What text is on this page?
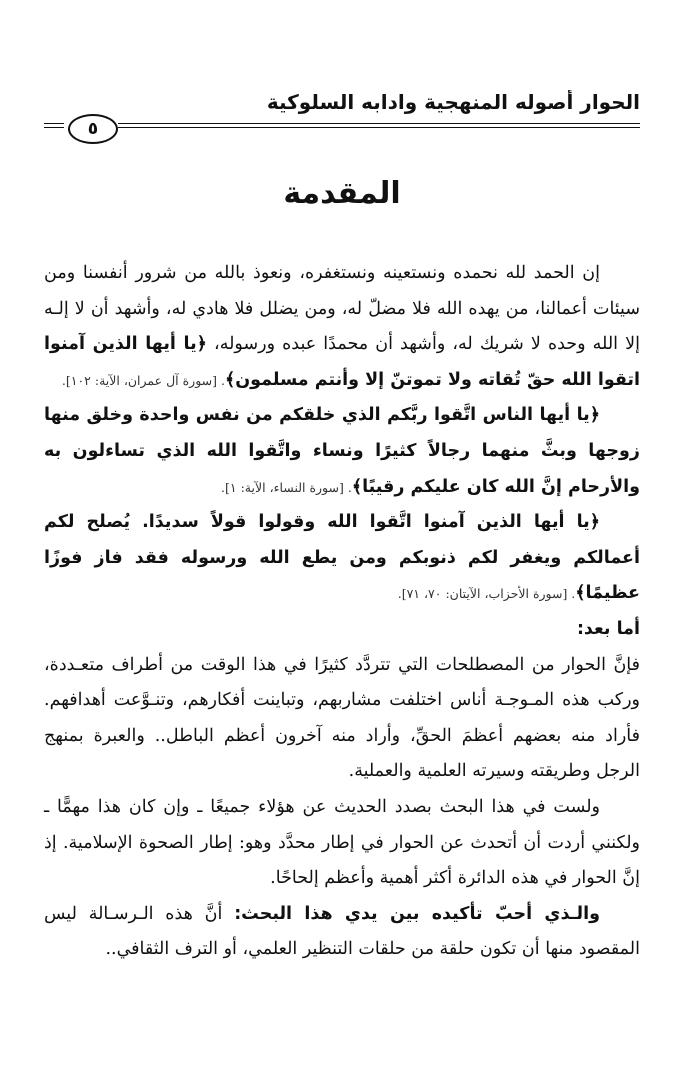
الحوار أصوله المنهجية وادابه السلوكية
٥
المقدمة

إن الحمد لله نحمده ونستعينه ونستغفره، ونعوذ بالله من شرور أنفسنا ومن سيئات أعمالنا، من يهده الله فلا مضلّ له، ومن يضلل فلا هادي له، وأشهد أن لا إلـه إلا الله وحده لا شريك له، وأشهد أن محمدًا عبده ورسوله، ﴿يا أيها الذين آمنوا اتقوا الله حقّ تُقاته ولا تموتنّ إلا وأنتم مسلمون﴾. [سورة آل عمران، الآية: ١٠٢].

﴿يا أيها الناس اتَّقوا ربَّكم الذي خلقكم من نفس واحدة وخلق منها زوجها وبثَّ منهما رجالاً كثيرًا ونساء واتَّقوا الله الذي تساءلون به والأرحام إنَّ الله كان عليكم رقيبًا﴾. [سورة النساء، الآية: ١].

﴿يا أيها الذين آمنوا اتَّقوا الله وقولوا قولاً سديدًا. يُصلح لكم أعمالكم ويغفر لكم ذنوبكم ومن يطع الله ورسوله فقد فاز فوزًا عظيمًا﴾. [سورة الأحزاب، الآيتان: ٧٠، ٧١].

أما بعد:

فإنَّ الحوار من المصطلحات التي تتردَّد كثيرًا في هذا الوقت من أطراف متعـددة، وركب هذه المـوجـة أناس اختلفت مشاربهم، وتباينت أفكارهم، وتنـوَّعت أهدافهم. فأراد منه بعضهم أعظمَ الحقِّ، وأراد منه آخرون أعظم الباطل.. والعبرة بمنهج الرجل وطريقته وسيرته العلمية والعملية.

ولست في هذا البحث بصدد الحديث عن هؤلاء جميعًا ـ وإن كان هذا مهمًّا ـ ولكنني أردت أن أتحدث عن الحوار في إطار محدَّد وهو: إطار الصحوة الإسلامية. إذ إنَّ الحوار في هذه الدائرة أكثر أهمية وأعظم إلحاحًا.

والـذي أحبّ تأكيده بين يدي هذا البحث: أنَّ هذه الـرسـالة ليس المقصود منها أن تكون حلقة من حلقات التنظير العلمي، أو الترف الثقافي..
